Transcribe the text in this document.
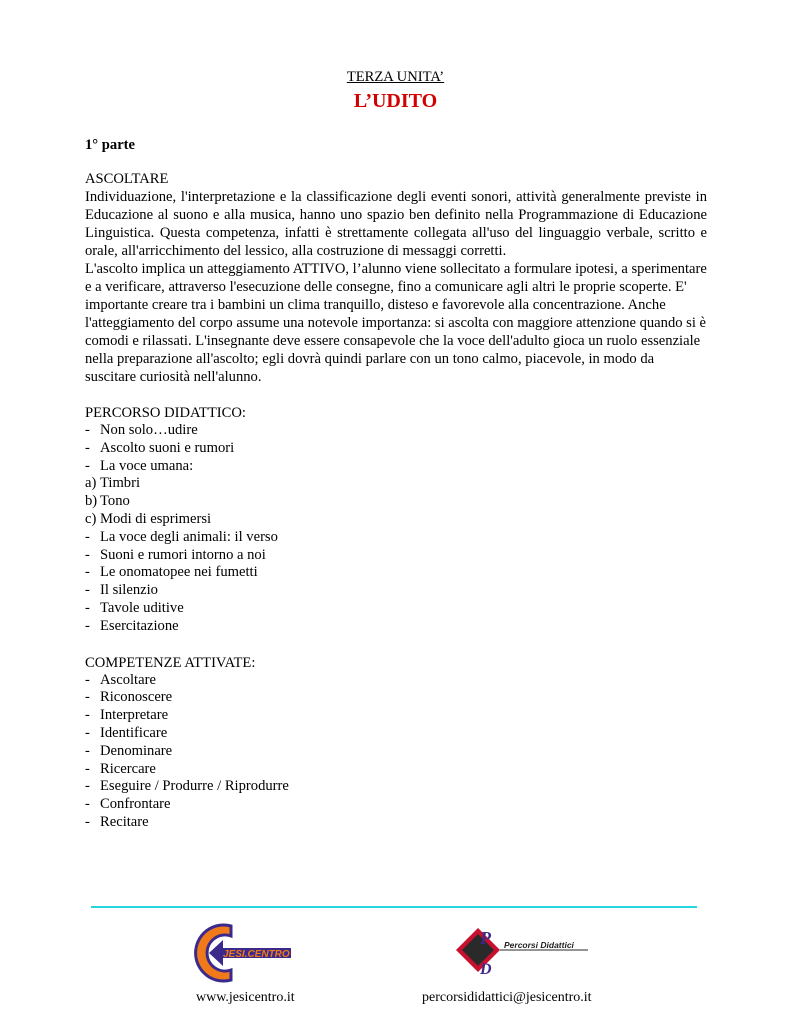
TERZA UNITA’
L’UDITO
1° parte
ASCOLTARE
Individuazione, l'interpretazione e la classificazione degli eventi sonori, attività generalmente previste in Educazione al suono e alla musica, hanno uno spazio ben definito nella Programmazione di Educazione Linguistica. Questa competenza, infatti è strettamente collegata all'uso del linguaggio verbale, scritto e orale, all'arricchimento del lessico, alla costruzione di messaggi corretti.
L'ascolto implica un atteggiamento ATTIVO, l’alunno viene sollecitato a formulare ipotesi, a sperimentare e a verificare, attraverso l'esecuzione delle consegne, fino a comunicare agli altri le proprie scoperte. E' importante creare tra i bambini un clima tranquillo, disteso e favorevole alla concentrazione. Anche l'atteggiamento del corpo assume una notevole importanza: si ascolta con maggiore attenzione quando si è comodi e rilassati. L'insegnante deve essere consapevole che la voce dell'adulto gioca un ruolo essenziale nella preparazione all'ascolto; egli dovrà quindi parlare con un tono calmo, piacevole, in modo da suscitare curiosità nell'alunno.
PERCORSO DIDATTICO:
- Non solo…udire
- Ascolto suoni e rumori
- La voce umana:
a) Timbri
b) Tono
c) Modi di esprimersi
- La voce degli animali: il verso
- Suoni e rumori intorno a noi
- Le onomatopee nei fumetti
- Il silenzio
- Tavole uditive
- Esercitazione
COMPETENZE ATTIVATE:
- Ascoltare
- Riconoscere
- Interpretare
- Identificare
- Denominare
- Ricercare
- Eseguire / Produrre / Riprodurre
- Confrontare
- Recitare
JESI.CENTRO
P
D
Percorsi Didattici
www.jesicentro.it	percorsididattici@jesicentro.it
